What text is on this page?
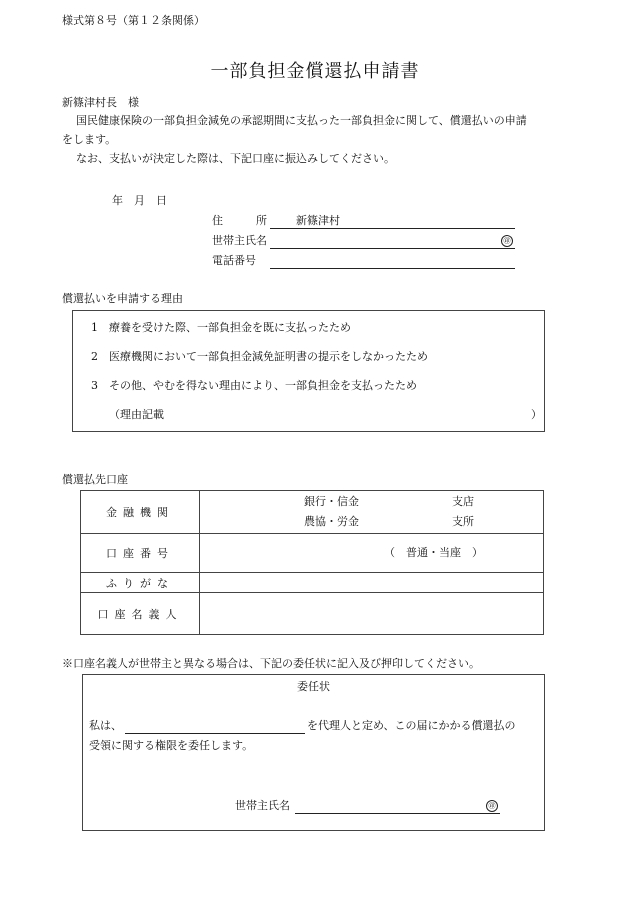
様式第８号（第１２条関係）
一部負担金償還払申請書
新篠津村長　様
国民健康保険の一部負担金減免の承認期間に支払った一部負担金に関して、償還払いの申請
をします。
なお、支払いが決定した際は、下記口座に振込みしてください。
年　月　日
住　　　所	新篠津村
世帯主氏名	㊞
電話番号
償還払いを申請する理由
1　療養を受けた際、一部負担金を既に支払ったため
2　医療機関において一部負担金減免証明書の提示をしなかったため
3　その他、やむを得ない理由により、一部負担金を支払ったため
（理由記載	）
償還払先口座
金融機関	銀行・信金 支店
農協・労金 支所

口座番号	（　普通・当座　）

ふりがな	
口座名義人	
※口座名義人が世帯主と異なる場合は、下記の委任状に記入及び押印してください。
委任状
私は、	を代理人と定め、この届にかかる償還払の
受領に関する権限を委任します。
世帯主氏名	㊞
